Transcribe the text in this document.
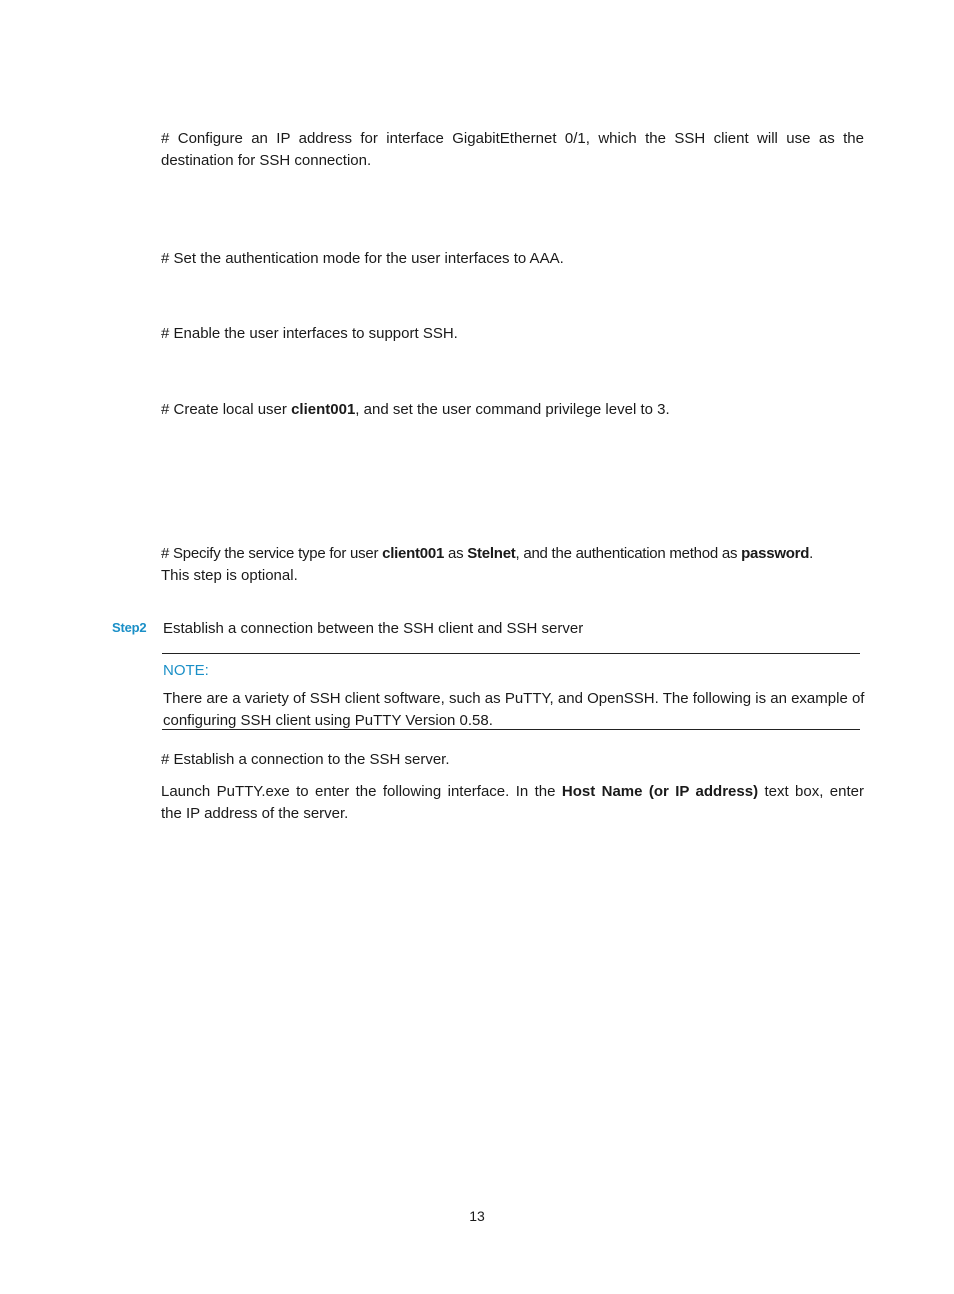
# Configure an IP address for interface GigabitEthernet 0/1, which the SSH client will use as the
destination for SSH connection.

# Set the authentication mode for the user interfaces to AAA.

# Enable the user interfaces to support SSH.

# Create local user client001, and set the user command privilege level to 3.

# Specify the service type for user client001 as Stelnet, and the authentication method as password.
This step is optional.

Step2 Establish a connection between the SSH client and SSH server
NOTE:

There are a variety of SSH client software, such as PuTTY, and OpenSSH. The following is an example of
configuring SSH client using PuTTY Version 0.58.

# Establish a connection to the SSH server.

Launch PuTTY.exe to enter the following interface. In the Host Name (or IP address) text box, enter
the IP address of the server.

13
